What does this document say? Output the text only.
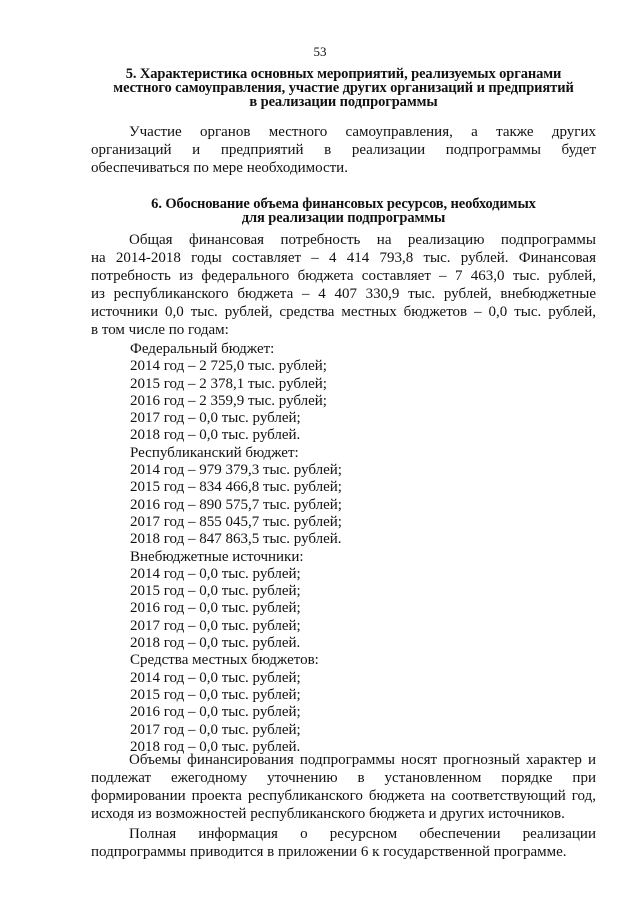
53
5. Характеристика основных мероприятий, реализуемых органами
местного самоуправления, участие других организаций и предприятий
в реализации подпрограммы
Участие органов местного самоуправления, а также других
организаций и предприятий в реализации подпрограммы будет
обеспечиваться по мере необходимости.
6. Обоснование объема финансовых ресурсов, необходимых
для реализации подпрограммы
Общая финансовая потребность на реализацию подпрограммы
на 2014-2018 годы составляет – 4 414 793,8 тыс. рублей. Финансовая
потребность из федерального бюджета составляет – 7 463,0 тыс. рублей,
из республиканского бюджета – 4 407 330,9 тыс. рублей, внебюджетные
источники 0,0 тыс. рублей, средства местных бюджетов – 0,0 тыс. рублей,
в том числе по годам:
Федеральный бюджет:
2014 год – 2 725,0 тыс. рублей;
2015 год – 2 378,1 тыс. рублей;
2016 год – 2 359,9 тыс. рублей;
2017 год – 0,0 тыс. рублей;
2018 год – 0,0 тыс. рублей.
Республиканский бюджет:
2014 год – 979 379,3 тыс. рублей;
2015 год – 834 466,8 тыс. рублей;
2016 год – 890 575,7 тыс. рублей;
2017 год – 855 045,7 тыс. рублей;
2018 год – 847 863,5 тыс. рублей.
Внебюджетные источники:
2014 год – 0,0 тыс. рублей;
2015 год – 0,0 тыс. рублей;
2016 год – 0,0 тыс. рублей;
2017 год – 0,0 тыс. рублей;
2018 год – 0,0 тыс. рублей.
Средства местных бюджетов:
2014 год – 0,0 тыс. рублей;
2015 год – 0,0 тыс. рублей;
2016 год – 0,0 тыс. рублей;
2017 год – 0,0 тыс. рублей;
2018 год – 0,0 тыс. рублей.
Объемы финансирования подпрограммы носят прогнозный характер и
подлежат ежегодному уточнению в установленном порядке при
формировании проекта республиканского бюджета на соответствующий год,
исходя из возможностей республиканского бюджета и других источников.
Полная информация о ресурсном обеспечении реализации
подпрограммы приводится в приложении 6 к государственной программе.
